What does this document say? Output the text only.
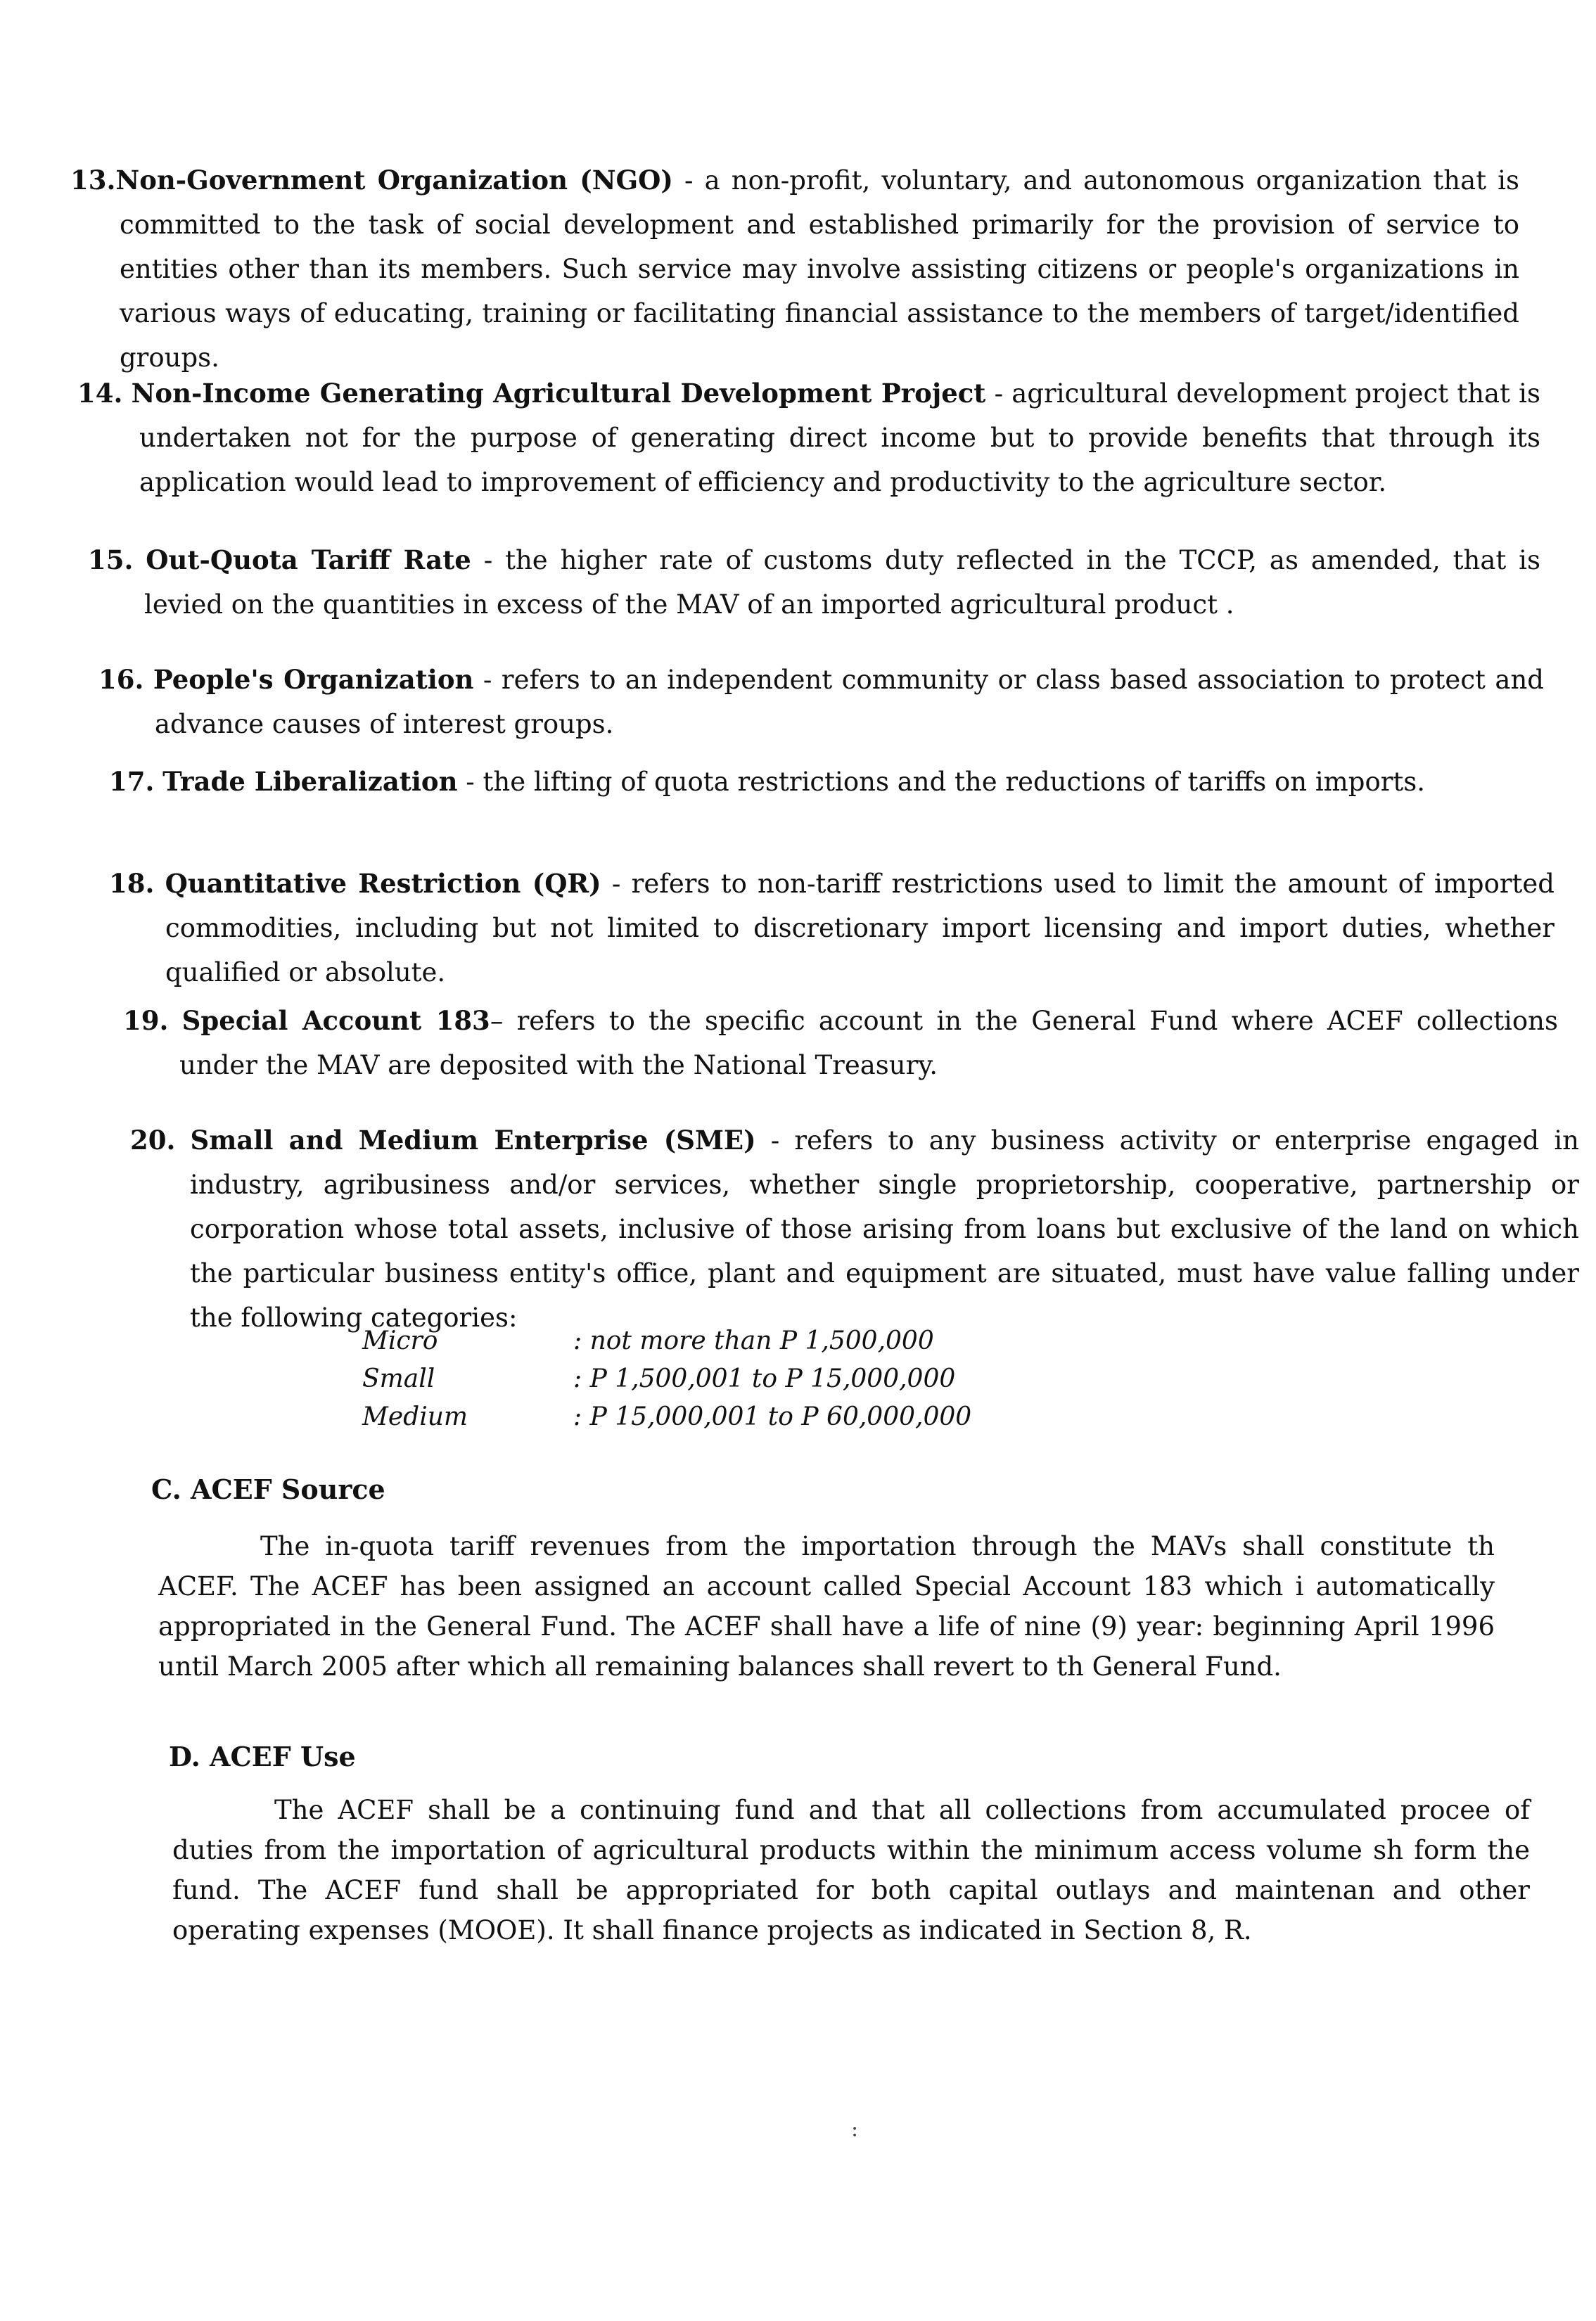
13.Non-Government Organization (NGO) - a non-profit, voluntary, and autonomous organization that is committed to the task of social development and established primarily for the provision of service to entities other than its members. Such service may involve assisting citizens or people's organizations in various ways of educating, training or facilitating financial assistance to the members of target/identified groups.
14. Non-Income Generating Agricultural Development Project - agricultural development project that is undertaken not for the purpose of generating direct income but to provide benefits that through its application would lead to improvement of efficiency and productivity to the agriculture sector.
15. Out-Quota Tariff Rate - the higher rate of customs duty reflected in the TCCP, as amended, that is levied on the quantities in excess of the MAV of an imported agricultural product .
16. People's Organization - refers to an independent community or class based association to protect and advance causes of interest groups.
17. Trade Liberalization - the lifting of quota restrictions and the reductions of tariffs on imports.
18. Quantitative Restriction (QR) - refers to non-tariff restrictions used to limit the amount of imported commodities, including but not limited to discretionary import licensing and import duties, whether qualified or absolute.
19. Special Account 183– refers to the specific account in the General Fund where ACEF collections under the MAV are deposited with the National Treasury.
20. Small and Medium Enterprise (SME) - refers to any business activity or enterprise engaged in industry, agribusiness and/or services, whether single proprietorship, cooperative, partnership or corporation whose total assets, inclusive of those arising from loans but exclusive of the land on which the particular business entity's office, plant and equipment are situated, must have value falling under the following categories:
Micro	: not more than P 1,500,000
Small	: P 1,500,001 to P 15,000,000
Medium	: P 15,000,001 to P 60,000,000
C. ACEF Source
The in-quota tariff revenues from the importation through the MAVs shall constitute th ACEF. The ACEF has been assigned an account called Special Account 183 which i automatically appropriated in the General Fund. The ACEF shall have a life of nine (9) year: beginning April 1996 until March 2005 after which all remaining balances shall revert to th General Fund.
D. ACEF Use
The ACEF shall be a continuing fund and that all collections from accumulated procee of duties from the importation of agricultural products within the minimum access volume sh form the fund. The ACEF fund shall be appropriated for both capital outlays and maintenan and other operating expenses (MOOE). It shall finance projects as indicated in Section 8, R.
:
